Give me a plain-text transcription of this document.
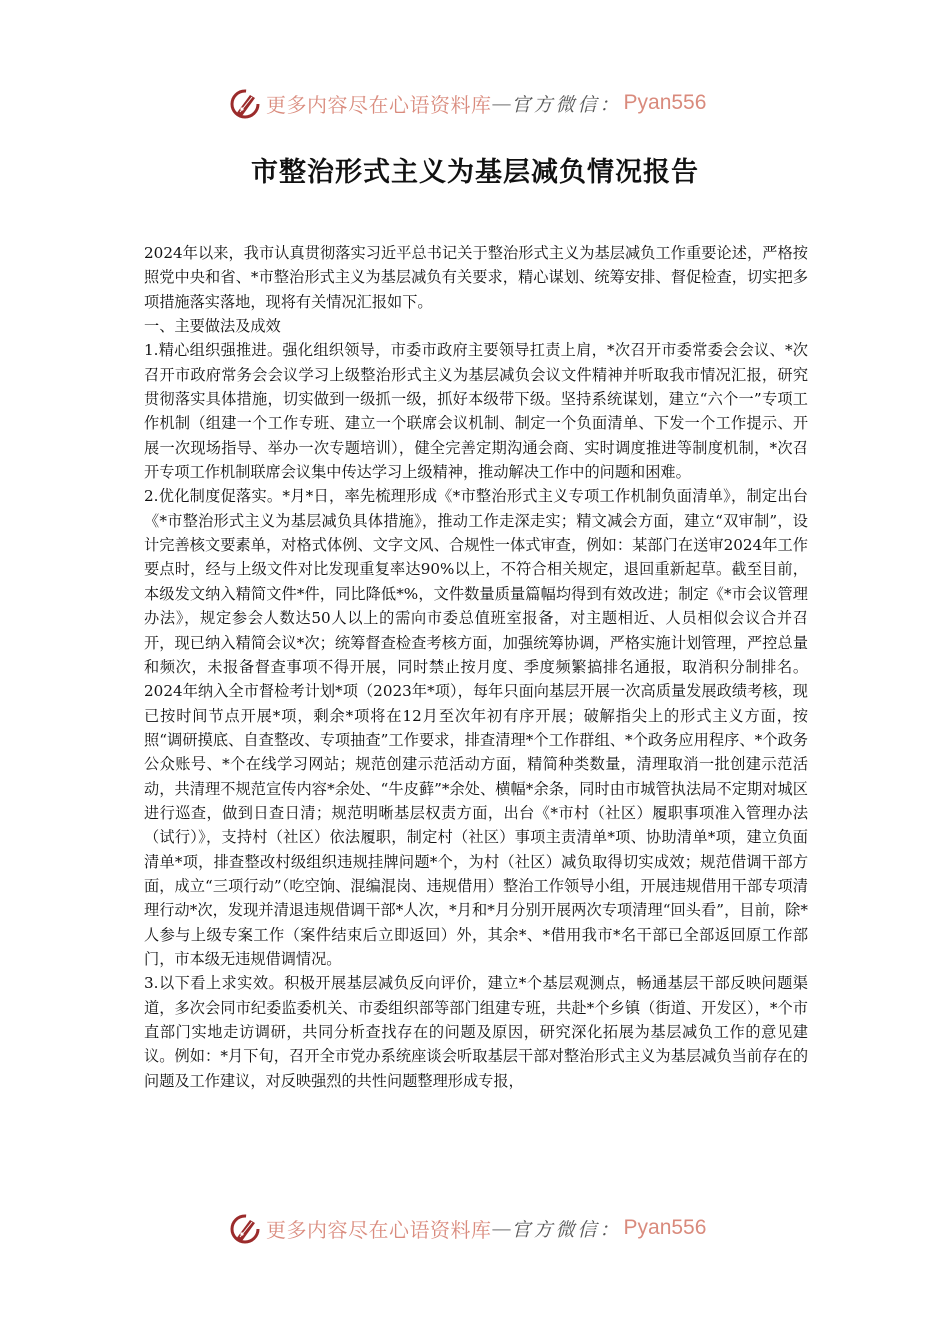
更多内容尽在心语资料库 — 官方微信： Pyan556
市整治形式主义为基层减负情况报告

2024年以来，我市认真贯彻落实习近平总书记关于整治形式主义为基层减负工作重要论述，严格按照党中央和省、*市整治形式主义为基层减负有关要求，精心谋划、统筹安排、督促检查，切实把多项措施落实落地，现将有关情况汇报如下。

一、主要做法及成效

1.精心组织强推进。强化组织领导，市委市政府主要领导扛责上肩，*次召开市委常委会会议、*次召开市政府常务会会议学习上级整治形式主义为基层减负会议文件精神并听取我市情况汇报，研究贯彻落实具体措施，切实做到一级抓一级，抓好本级带下级。坚持系统谋划，建立“六个一”专项工作机制（组建一个工作专班、建立一个联席会议机制、制定一个负面清单、下发一个工作提示、开展一次现场指导、举办一次专题培训），健全完善定期沟通会商、实时调度推进等制度机制，*次召开专项工作机制联席会议集中传达学习上级精神，推动解决工作中的问题和困难。

2.优化制度促落实。*月*日，率先梳理形成《*市整治形式主义专项工作机制负面清单》，制定出台《*市整治形式主义为基层减负具体措施》，推动工作走深走实；精文减会方面，建立“双审制”，设计完善核文要素单，对格式体例、文字文风、合规性一体式审查，例如：某部门在送审2024年工作要点时，经与上级文件对比发现重复率达90%以上，不符合相关规定，退回重新起草。截至目前，本级发文纳入精简文件*件，同比降低*%，文件数量质量篇幅均得到有效改进；制定《*市会议管理办法》，规定参会人数达50人以上的需向市委总值班室报备，对主题相近、人员相似会议合并召开，现已纳入精简会议*次；统筹督查检查考核方面，加强统筹协调，严格实施计划管理，严控总量和频次，未报备督查事项不得开展，同时禁止按月度、季度频繁搞排名通报，取消积分制排名。2024年纳入全市督检考计划*项（2023年*项），每年只面向基层开展一次高质量发展政绩考核，现已按时间节点开展*项，剩余*项将在12月至次年初有序开展；破解指尖上的形式主义方面，按照“调研摸底、自查整改、专项抽查”工作要求，排查清理*个工作群组、*个政务应用程序、*个政务公众账号、*个在线学习网站；规范创建示范活动方面，精简种类数量，清理取消一批创建示范活动，共清理不规范宣传内容*余处、“牛皮藓”*余处、横幅*余条，同时由市城管执法局不定期对城区进行巡查，做到日查日清；规范明晰基层权责方面，出台《*市村（社区）履职事项准入管理办法（试行）》，支持村（社区）依法履职，制定村（社区）事项主责清单*项、协助清单*项，建立负面清单*项，排查整改村级组织违规挂牌问题*个，为村（社区）减负取得切实成效；规范借调干部方面，成立“三项行动”（吃空饷、混编混岗、违规借用）整治工作领导小组，开展违规借用干部专项清理行动*次，发现并清退违规借调干部*人次，*月和*月分别开展两次专项清理“回头看”，目前，除*人参与上级专案工作（案件结束后立即返回）外，其余*、*借用我市*名干部已全部返回原工作部门，市本级无违规借调情况。

3.以下看上求实效。积极开展基层减负反向评价，建立*个基层观测点，畅通基层干部反映问题渠道，多次会同市纪委监委机关、市委组织部等部门组建专班，共赴*个乡镇（街道、开发区），*个市直部门实地走访调研，共同分析查找存在的问题及原因，研究深化拓展为基层减负工作的意见建议。例如：*月下旬，召开全市党办系统座谈会听取基层干部对整治形式主义为基层减负当前存在的问题及工作建议，对反映强烈的共性问题整理形成专报，

更多内容尽在心语资料库 — 官方微信： Pyan556
